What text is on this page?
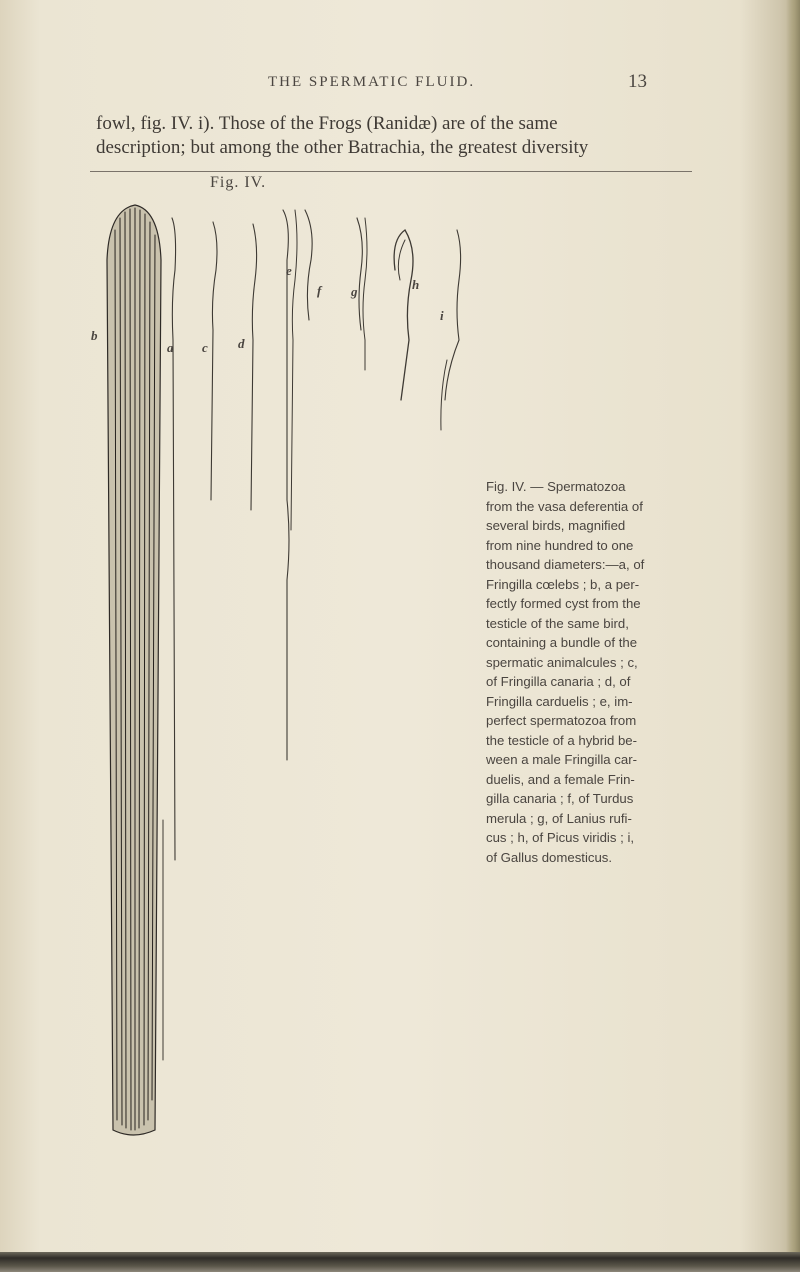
THE SPERMATIC FLUID.	13
fowl, fig. IV. i). Those of the Frogs (Ranidæ) are of the same
description; but among the other Batrachia, the greatest diversity
Fig. IV.
b
a c d
e
f g	h
i
Fig. IV. — Spermatozoa
from the vasa deferentia of
several birds, magnified
from nine hundred to one
thousand diameters:—a, of
Fringilla cœlebs ; b, a per-
fectly formed cyst from the
testicle of the same bird,
containing a bundle of the
spermatic animalcules ; c,
of Fringilla canaria ; d, of
Fringilla carduelis ; e, im-
perfect spermatozoa from
the testicle of a hybrid be-
ween a male Fringilla car-
duelis, and a female Frin-
gilla canaria ; f, of Turdus
merula ; g, of Lanius rufi-
cus ; h, of Picus viridis ; i,
of Gallus domesticus.
